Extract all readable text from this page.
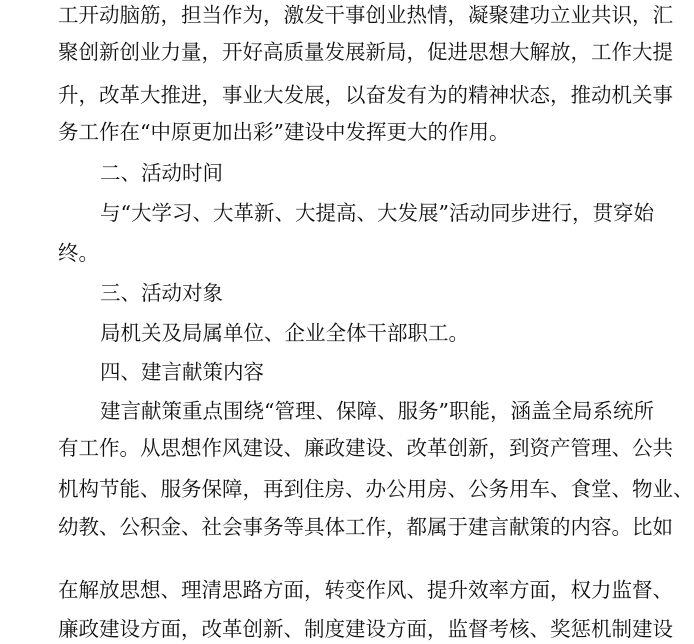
工开动脑筋，担当作为，激发干事创业热情，凝聚建功立业共识，汇
聚创新创业力量，开好高质量发展新局，促进思想大解放，工作大提
升，改革大推进，事业大发展，以奋发有为的精神状态，推动机关事
务工作在“中原更加出彩”建设中发挥更大的作用。
二、活动时间
与“大学习、大革新、大提高、大发展”活动同步进行，贯穿始
终。
三、活动对象
局机关及局属单位、企业全体干部职工。
四、建言献策内容
建言献策重点围绕“管理、保障、服务”职能，涵盖全局系统所
有工作。从思想作风建设、廉政建设、改革创新，到资产管理、公共
机构节能、服务保障，再到住房、办公用房、公务用车、食堂、物业、
幼教、公积金、社会事务等具体工作，都属于建言献策的内容。比如
在解放思想、理清思路方面，转变作风、提升效率方面，权力监督、
廉政建设方面，改革创新、制度建设方面，监督考核、奖惩机制建设
